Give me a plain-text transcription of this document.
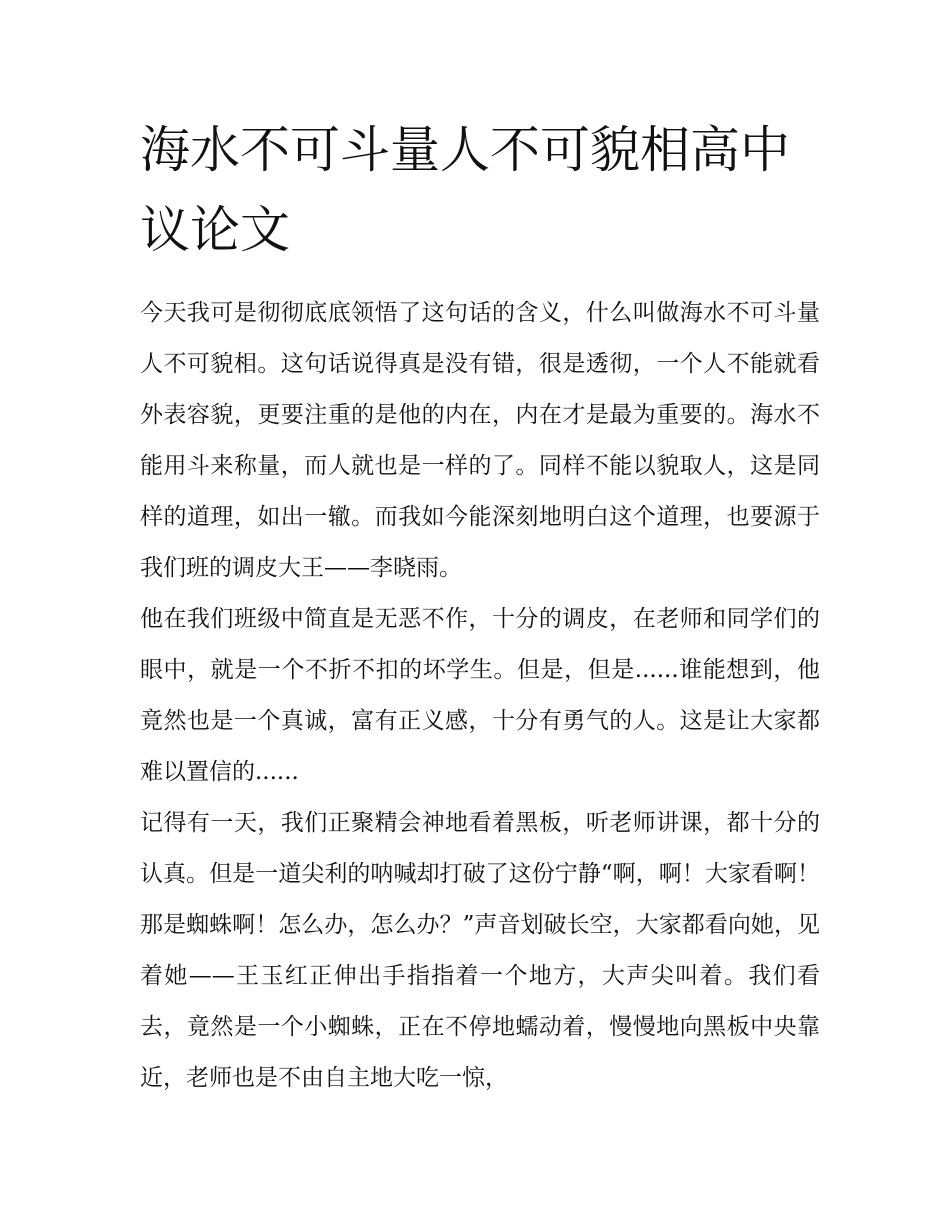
海水不可斗量人不可貌相高中议论文

今天我可是彻彻底底领悟了这句话的含义，什么叫做海水不可斗量人不可貌相。这句话说得真是没有错，很是透彻，一个人不能就看外表容貌，更要注重的是他的内在，内在才是最为重要的。海水不能用斗来称量，而人就也是一样的了。同样不能以貌取人，这是同样的道理，如出一辙。而我如今能深刻地明白这个道理，也要源于我们班的调皮大王——李晓雨。

他在我们班级中简直是无恶不作，十分的调皮，在老师和同学们的眼中，就是一个不折不扣的坏学生。但是，但是......谁能想到，他竟然也是一个真诚，富有正义感，十分有勇气的人。这是让大家都难以置信的......

记得有一天，我们正聚精会神地看着黑板，听老师讲课，都十分的认真。但是一道尖利的呐喊却打破了这份宁静“啊，啊！大家看啊！那是蜘蛛啊！怎么办，怎么办？”声音划破长空，大家都看向她，见着她——王玉红正伸出手指指着一个地方，大声尖叫着。我们看去，竟然是一个小蜘蛛，正在不停地蠕动着，慢慢地向黑板中央靠近，老师也是不由自主地大吃一惊，
